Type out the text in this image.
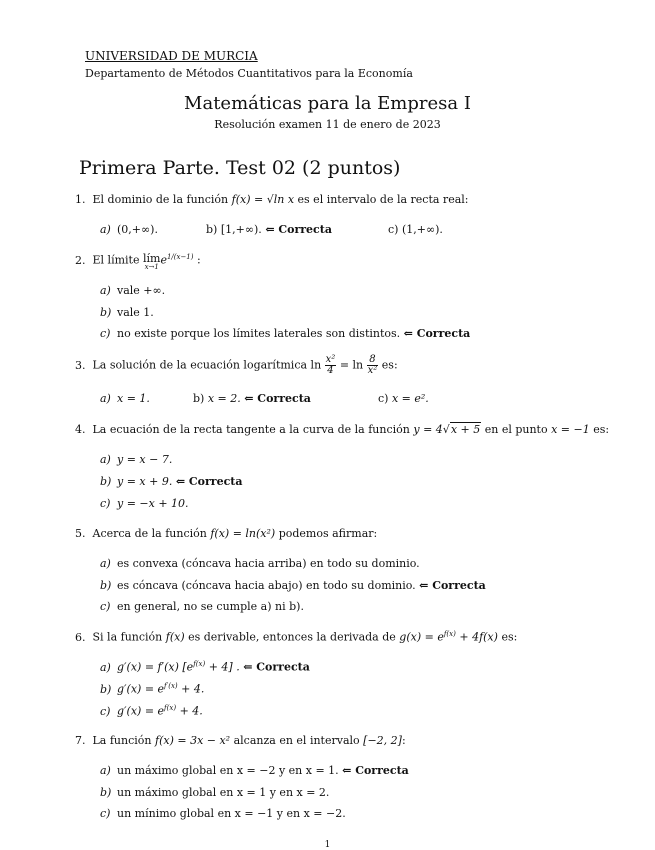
UNIVERSIDAD DE MURCIA
Departamento de Métodos Cuantitativos para la Economía
Matemáticas para la Empresa I
Resolución examen 11 de enero de 2023
Primera Parte. Test 02 (2 puntos)
1. El dominio de la función f(x) = √ln x es el intervalo de la recta real:
a) (0,+∞).	b) [1,+∞). ⇐ Correcta	c) (1,+∞).
2. El límite lím
x→1
$e^{1/(x-1)}$ :
a) vale +∞.
b) vale 1.
c) no existe porque los límites laterales son distintos. ⇐ Correcta
3. La solución de la ecuación logarítmica $\ln \frac{\text{x²}}{4} = \ln \frac{8}{\text{x²}}$ es:
a) x = 1.	b) x = 2. ⇐ Correcta	c) x = e².
4. La ecuación de la recta tangente a la curva de la función y = 4√x + 5 en el punto x = −1 es:
a) y = x − 7.
b) y = x + 9. ⇐ Correcta
c) y = −x + 10.
5. Acerca de la función f(x) = ln(x²) podemos afirmar:
a) es convexa (cóncava hacia arriba) en todo su dominio.
b) es cóncava (cóncava hacia abajo) en todo su dominio. ⇐ Correcta
c) en general, no se cumple a) ni b).
6. Si la función f(x) es derivable, entonces la derivada de $g(x) = e^{f(x)} + 4f(x)$ es:
a) g′(x) = f′(x) $[e^{f(x)} + 4]$ . ⇐ Correcta
b) $g'(x) = e^{f'(x)} + 4$.
c) $g'(x) = e^{f(x)} + 4$.
7. La función f(x) = 3x − x² alcanza en el intervalo [−2, 2]:
a) un máximo global en x = −2 y en x = 1. ⇐ Correcta
b) un máximo global en x = 1 y en x = 2.
c) un mínimo global en x = −1 y en x = −2.
1
